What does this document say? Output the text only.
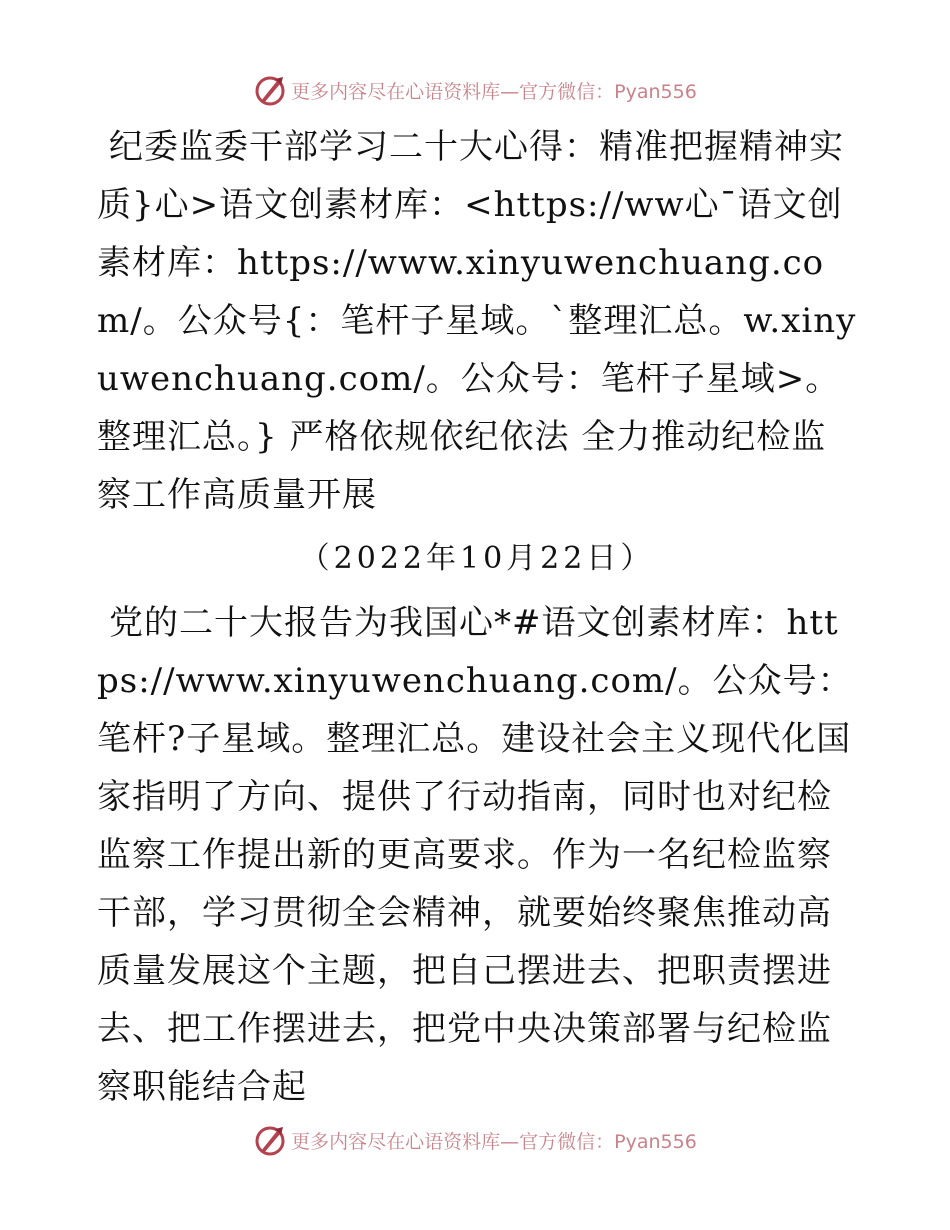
更多内容尽在心语资料库—官方微信：Pyan556

纪委监委干部学习二十大心得：精准把握精神实质}心>语文创素材库：<https://ww心¯语文创素材库：https://www.xinyuwenchuang.com/。公众号{：笔杆子星域。`整理汇总。w.xinyuwenchuang.com/。公众号：笔杆子星域>。整理汇总。} 严格依规依纪依法 全力推动纪检监察工作高质量开展

（2022年10月22日）

党的二十大报告为我国心*#语文创素材库：https://www.xinyuwenchuang.com/。公众号：笔杆?子星域。整理汇总。建设社会主义现代化国家指明了方向、提供了行动指南，同时也对纪检监察工作提出新的更高要求。作为一名纪检监察干部，学习贯彻全会精神，就要始终聚焦推动高质量发展这个主题，把自己摆进去、把职责摆进去、把工作摆进去，把党中央决策部署与纪检监察职能结合起

更多内容尽在心语资料库—官方微信：Pyan556
